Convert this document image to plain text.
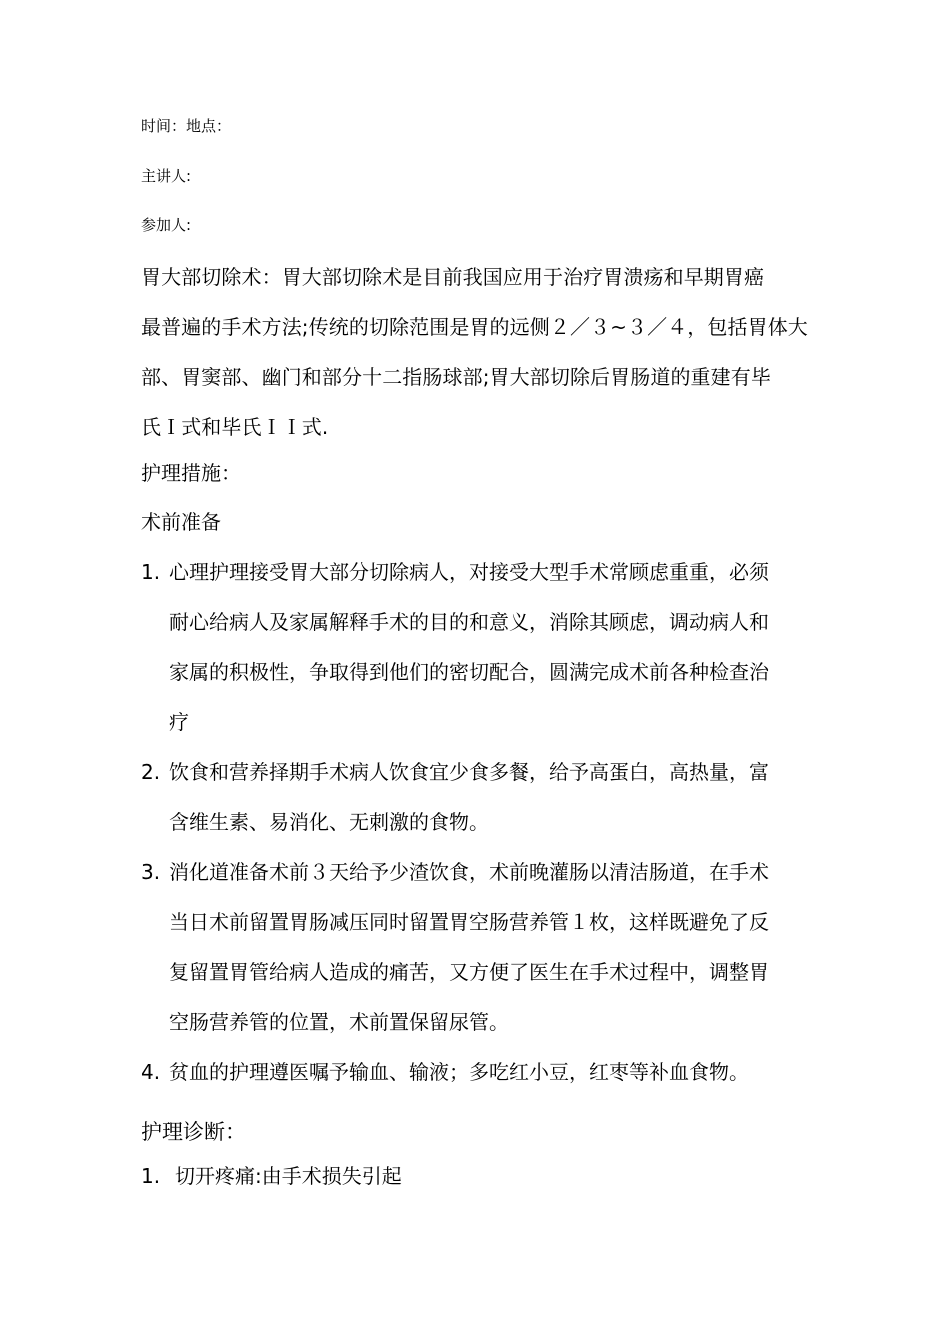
时间：地点：
主讲人:
参加人:

胃大部切除术：胃大部切除术是目前我国应用于治疗胃溃疡和早期胃癌

最普遍的手术方法;传统的切除范围是胃的远侧２／３~３／４，包括胃体大

部、胃窦部、幽门和部分十二指肠球部;胃大部切除后胃肠道的重建有毕

氏Ｉ式和毕氏ＩＩ式.

护理措施：
术前准备
1. 心理护理接受胃大部分切除病人，对接受大型手术常顾虑重重，必须

耐心给病人及家属解释手术的目的和意义，消除其顾虑，调动病人和

家属的积极性，争取得到他们的密切配合，圆满完成术前各种检查治

疗

2. 饮食和营养择期手术病人饮食宜少食多餐，给予高蛋白，高热量，富

含维生素、易消化、无刺激的食物。

3. 消化道准备术前３天给予少渣饮食，术前晚灌肠以清洁肠道，在手术

当日术前留置胃肠减压同时留置胃空肠营养管１枚，这样既避免了反

复留置胃管给病人造成的痛苦，又方便了医生在手术过程中，调整胃

空肠营养管的位置，术前置保留尿管。

4. 贫血的护理遵医嘱予输血、输液；多吃红小豆，红枣等补血食物。

护理诊断：
1. 切开疼痛:由手术损失引起
